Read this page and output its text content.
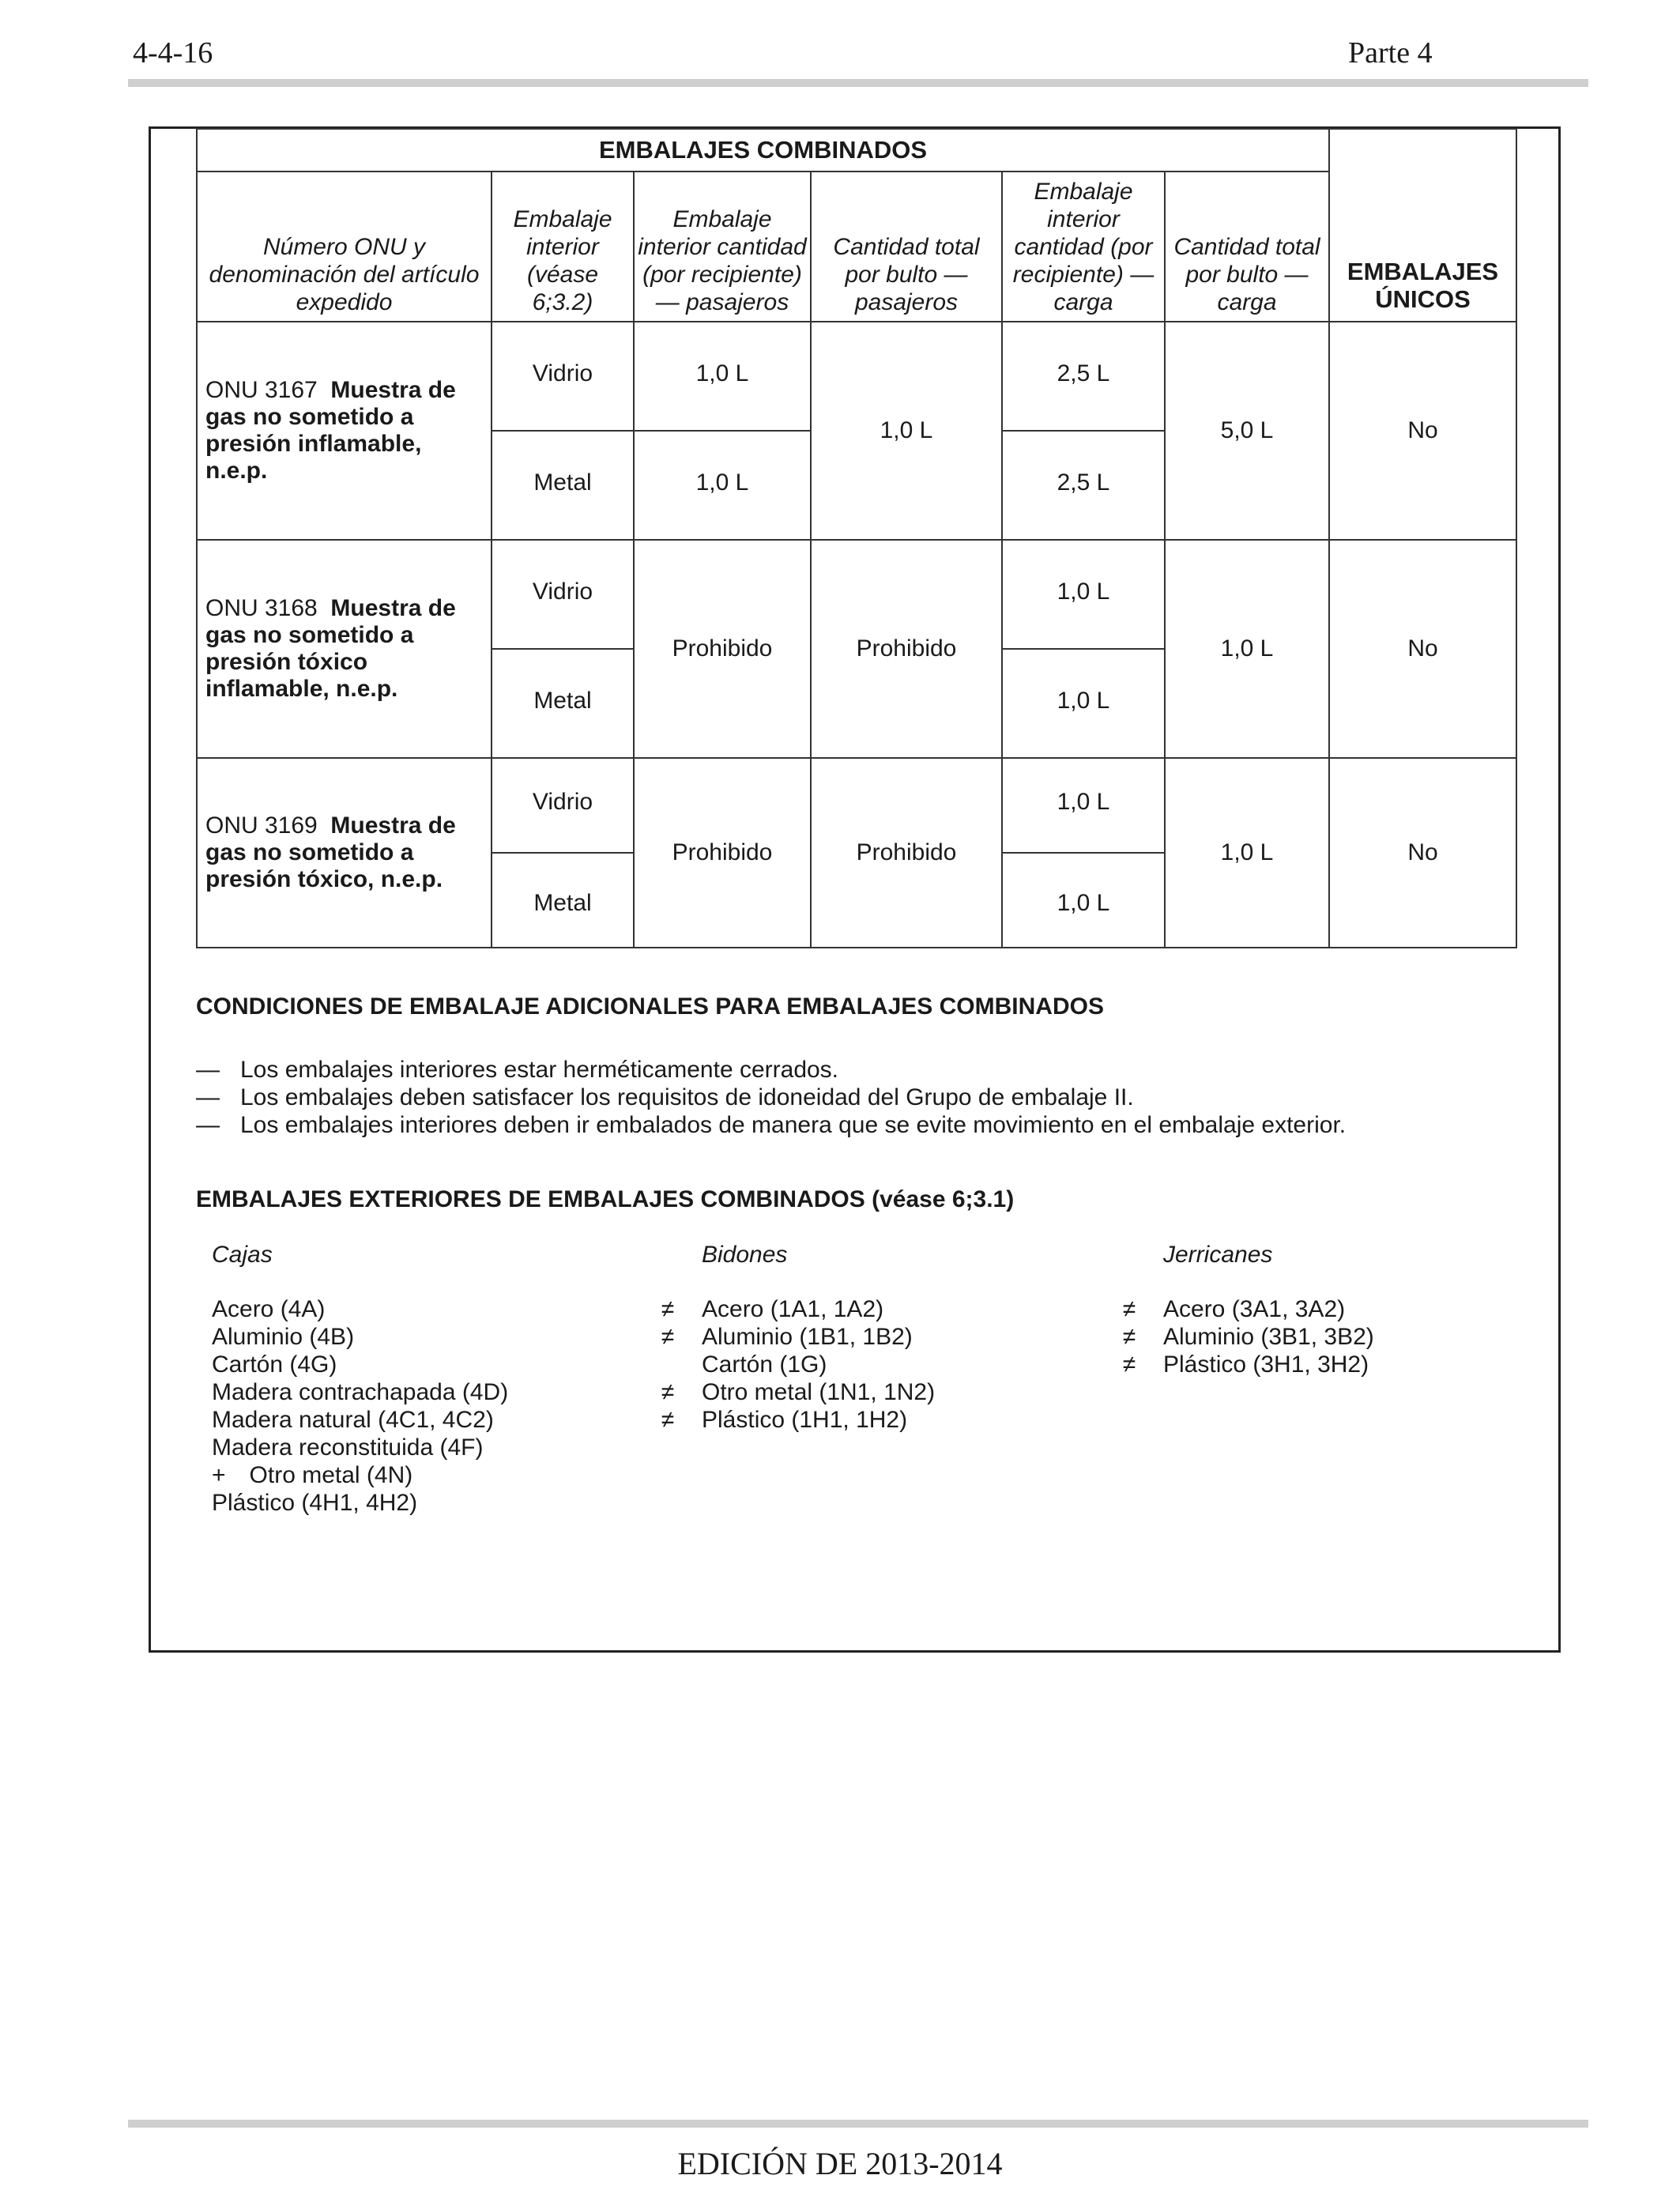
4-4-16	Parte 4
EMBALAJES COMBINADOS						EMBALAJES ÚNICOS
Número ONU y denominación del artículo expedido	Embalaje interior (véase 6;3.2)	Embalaje interior cantidad (por recipiente) — pasajeros	Cantidad total por bulto — pasajeros	Embalaje interior cantidad (por recipiente) — carga	Cantidad total por bulto — carga	
ONU 3167 Muestra de gas no sometido a presión inflamable, n.e.p.	Vidrio	1,0 L	1,0 L	2,5 L	5,0 L	No
	Metal	1,0 L		2,5 L		
ONU 3168 Muestra de gas no sometido a presión tóxico inflamable, n.e.p.	Vidrio	Prohibido	Prohibido	1,0 L	1,0 L	No
	Metal			1,0 L		
ONU 3169 Muestra de gas no sometido a presión tóxico, n.e.p.	Vidrio	Prohibido	Prohibido	1,0 L	1,0 L	No
	Metal			1,0 L		
CONDICIONES DE EMBALAJE ADICIONALES PARA EMBALAJES COMBINADOS
— Los embalajes interiores estar herméticamente cerrados.
— Los embalajes deben satisfacer los requisitos de idoneidad del Grupo de embalaje II.
— Los embalajes interiores deben ir embalados de manera que se evite movimiento en el embalaje exterior.
EMBALAJES EXTERIORES DE EMBALAJES COMBINADOS (véase 6;3.1)
Cajas
Acero (4A)
Aluminio (4B)
Cartón (4G)
Madera contrachapada (4D)
Madera natural (4C1, 4C2)
Madera reconstituida (4F)
+ Otro metal (4N)
Plástico (4H1, 4H2)
Bidones
≠ Acero (1A1, 1A2)
≠ Aluminio (1B1, 1B2)
Cartón (1G)
≠ Otro metal (1N1, 1N2)
≠ Plástico (1H1, 1H2)
Jerricanes
≠ Acero (3A1, 3A2)
≠ Aluminio (3B1, 3B2)
≠ Plástico (3H1, 3H2)
EDICIÓN DE 2013-2014
